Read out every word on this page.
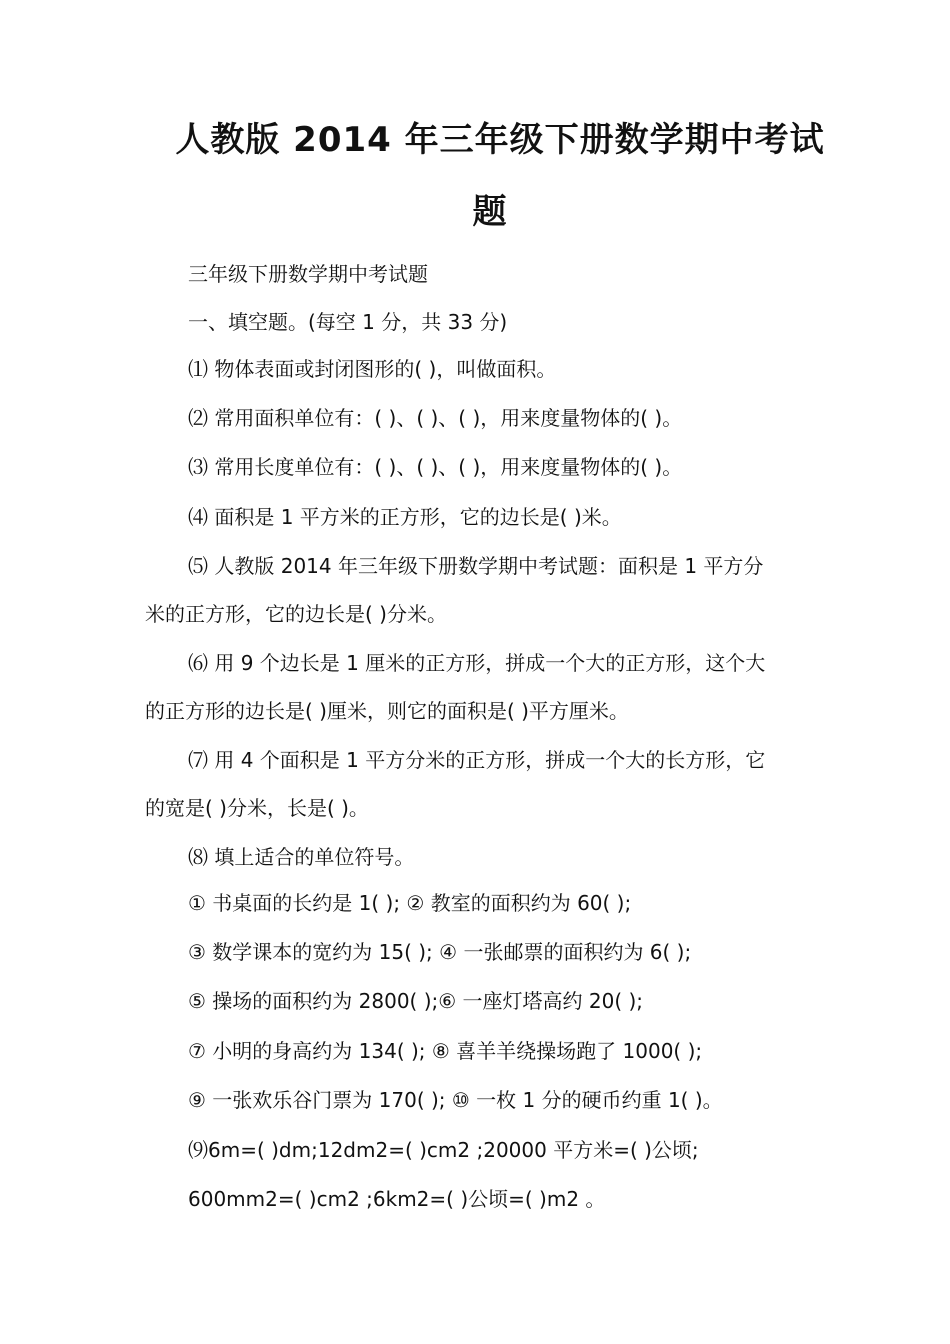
人教版 2014 年三年级下册数学期中考试
题

三年级下册数学期中考试题

一、填空题。(每空 1 分，共 33 分)

⑴ 物体表面或封闭图形的( )，叫做面积。

⑵ 常用面积单位有：( )、( )、( )，用来度量物体的( )。

⑶ 常用长度单位有：( )、( )、( )，用来度量物体的( )。

⑷ 面积是 1 平方米的正方形，它的边长是( )米。

⑸ 人教版 2014 年三年级下册数学期中考试题：面积是 1 平方分

米的正方形，它的边长是( )分米。

⑹ 用 9 个边长是 1 厘米的正方形，拼成一个大的正方形，这个大

的正方形的边长是( )厘米，则它的面积是( )平方厘米。

⑺ 用 4 个面积是 1 平方分米的正方形，拼成一个大的长方形，它

的宽是( )分米，长是( )。

⑻ 填上适合的单位符号。

① 书桌面的长约是 1( ); ② 教室的面积约为 60( );

③ 数学课本的宽约为 15( ); ④ 一张邮票的面积约为 6( );

⑤ 操场的面积约为 2800( );⑥ 一座灯塔高约 20( );

⑦ 小明的身高约为 134( ); ⑧ 喜羊羊绕操场跑了 1000( );

⑨ 一张欢乐谷门票为 170( ); ⑩ 一枚 1 分的硬币约重 1( )。

⑼6m=( )dm;12dm2=( )cm2 ;20000 平方米=( )公顷;

600mm2=( )cm2 ;6km2=( )公顷=( )m2 。
